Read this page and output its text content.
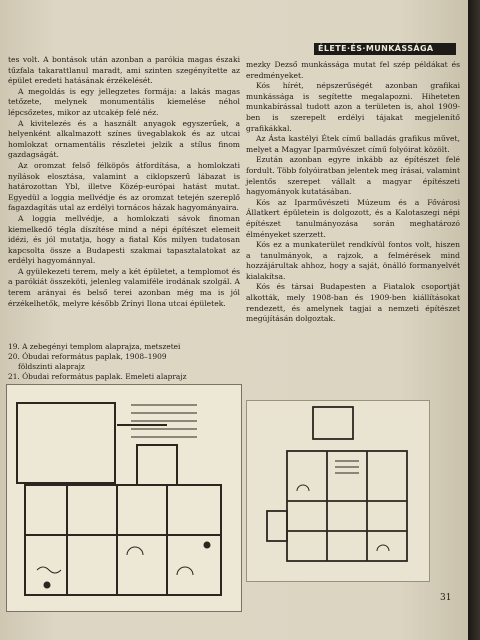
ÉLETE·ÉS·MUNKÁSSÁGA

tes volt. A bontások után azonban a parókia magas északi tűzfala takarattlanul maradt, ami szinten szegényítette az épület eredeti hatásának érzékelését.

A megoldás is egy jellegzetes formája: a lakás magas tetőzete, melynek monumentális kiemelése néhol lépcsőzetes, mikor az utcakép felé néz.

A kivitelezés és a használt anyagok egyszerűek, a helyenként alkalmazott színes üvegablakok és az utcai homlokzat ornamentális részletei jelzik a stílus finom gazdagságát.

Az oromzat felső félköpös átfordítása, a homlokzati nyílások elosztása, valamint a ciklopszerű lábazat is határozottan Ybl, illetve Közép-európai hatást mutat. Egyedül a loggia mellvédje és az oromzat tetején szereplő fagazdagítás utal az erdélyi tornácos házak hagyományaira.

A loggia mellvédje, a homlokzati sávok finoman kiemelkedő tégla díszítése mind a népi építészet elemeit idézi, és jól mutatja, hogy a fiatal Kós milyen tudatosan kapcsolta össze a Budapesti szakmai tapasztalatokat az erdélyi hagyománnyal.

A gyülekezeti terem, mely a két épületet, a templomot és a parókiát összeköti, jelenleg valamiféle irodának szolgál. A terem arányai és belső terei azonban még ma is jól érzékelhetők, melyre később Zrínyi Ilona utcai épületek.

19. A zebegényi templom alaprajza, metszetei
20. Óbudai református paplak, 1908–1909
földszinti alaprajz
21. Óbudai református paplak. Emeleti alaprajz

mezky Dezső munkássága mutat fel szép példákat és eredményeket.

Kós hírét, népszerűségét azonban grafikai munkássága is segítette megalapozni. Hiheteten munkabírással tudott azon a területen is, ahol 1909-ben is szerepelt erdélyi tájakat megjelenítő grafikákkal.

Az Ásta kastélyi Étek című balladás grafikus művet, melyet a Magyar Iparművészet című folyóirat közölt.

Ezután azonban egyre inkább az építészet felé fordult. Több folyóiratban jelentek meg írásai, valamint jelentős szerepet vállalt a magyar építészeti hagyományok kutatásában.

Kós az Iparművészeti Múzeum és a Fővárosi Állatkert épületein is dolgozott, és a Kalotaszegi népi építészet tanulmányozása során meghatározó élményeket szerzett.

Kós ez a munkaterület rendkívül fontos volt, hiszen a tanulmányok, a rajzok, a felmérések mind hozzájárultak ahhoz, hogy a saját, önálló formanyelvét kialakítsa.

Kós és társai Budapesten a Fiatalok csoportját alkották, mely 1908-ban és 1909-ben kiállításokat rendezett, és amelynek tagjai a nemzeti építészet megújításán dolgoztak.

31
